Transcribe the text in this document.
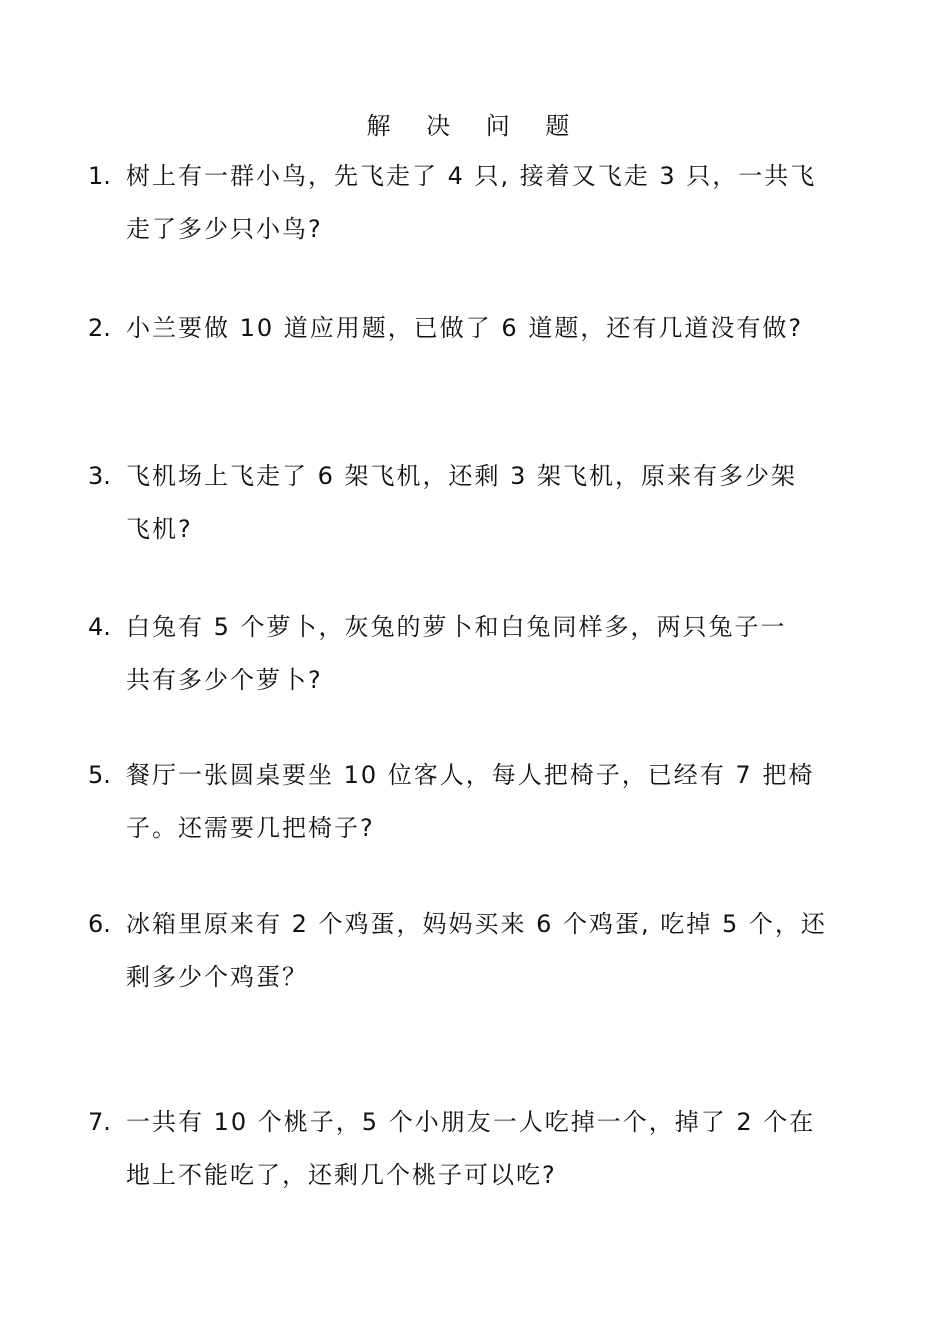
解 决 问 题
1. 树上有一群小鸟，先飞走了 4 只, 接着又飞走 3 只，一共飞
走了多少只小鸟?
2. 小兰要做 10 道应用题，已做了 6 道题，还有几道没有做?
3. 飞机场上飞走了 6 架飞机，还剩 3 架飞机，原来有多少架
飞机?
4. 白兔有 5 个萝卜，灰兔的萝卜和白兔同样多，两只兔子一
共有多少个萝卜?
5. 餐厅一张圆桌要坐 10 位客人，每人把椅子，已经有 7 把椅
子。还需要几把椅子?
6. 冰箱里原来有 2 个鸡蛋，妈妈买来 6 个鸡蛋, 吃掉 5 个，还
剩多少个鸡蛋？
7. 一共有 10 个桃子，5 个小朋友一人吃掉一个，掉了 2 个在
地上不能吃了，还剩几个桃子可以吃?
